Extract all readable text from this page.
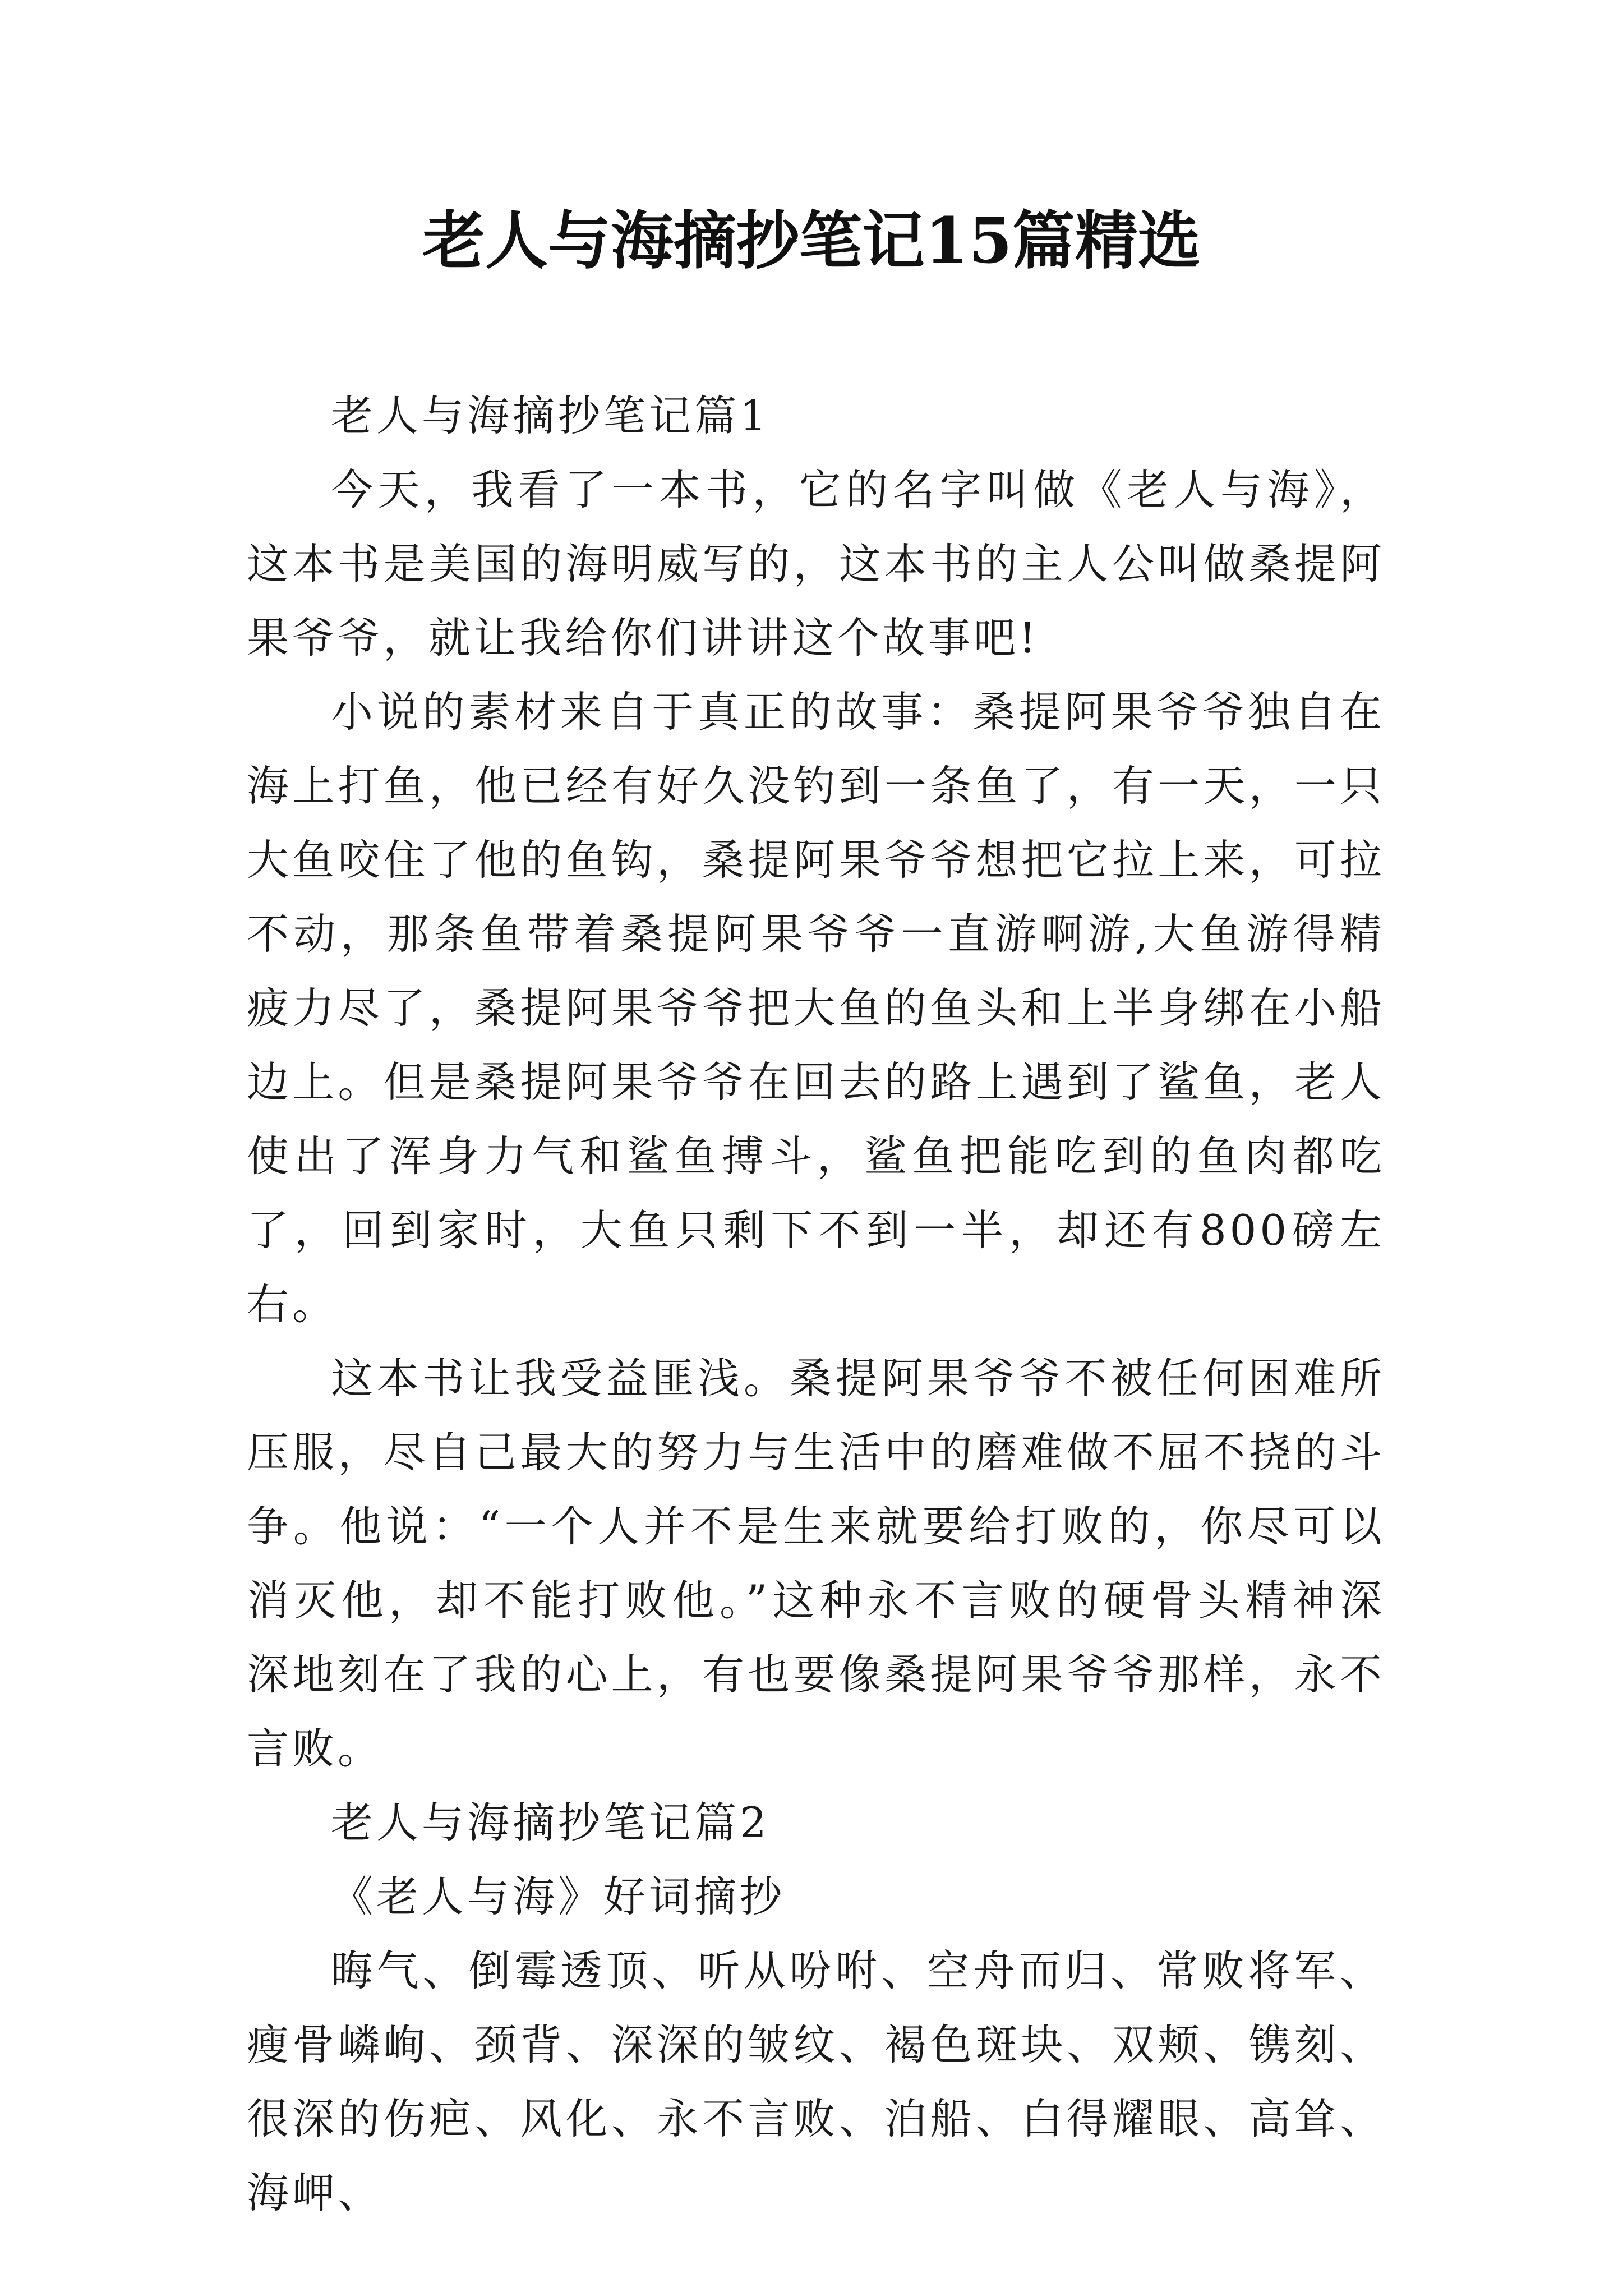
老人与海摘抄笔记15篇精选

老人与海摘抄笔记篇1

今天，我看了一本书，它的名字叫做《老人与海》，这本书是美国的海明威写的，这本书的主人公叫做桑提阿果爷爷，就让我给你们讲讲这个故事吧!

小说的素材来自于真正的故事：桑提阿果爷爷独自在海上打鱼，他已经有好久没钓到一条鱼了，有一天，一只大鱼咬住了他的鱼钩，桑提阿果爷爷想把它拉上来，可拉不动，那条鱼带着桑提阿果爷爷一直游啊游,大鱼游得精疲力尽了，桑提阿果爷爷把大鱼的鱼头和上半身绑在小船边上。但是桑提阿果爷爷在回去的路上遇到了鲨鱼，老人使出了浑身力气和鲨鱼搏斗，鲨鱼把能吃到的鱼肉都吃了，回到家时，大鱼只剩下不到一半，却还有800磅左右。

这本书让我受益匪浅。桑提阿果爷爷不被任何困难所压服，尽自己最大的努力与生活中的磨难做不屈不挠的斗争。他说：“一个人并不是生来就要给打败的，你尽可以消灭他，却不能打败他。”这种永不言败的硬骨头精神深深地刻在了我的心上，有也要像桑提阿果爷爷那样，永不言败。

老人与海摘抄笔记篇2

《老人与海》好词摘抄

晦气、倒霉透顶、听从吩咐、空舟而归、常败将军、瘦骨嶙峋、颈背、深深的皱纹、褐色斑块、双颊、镌刻、很深的伤疤、风化、永不言败、泊船、白得耀眼、高耸、海岬、
